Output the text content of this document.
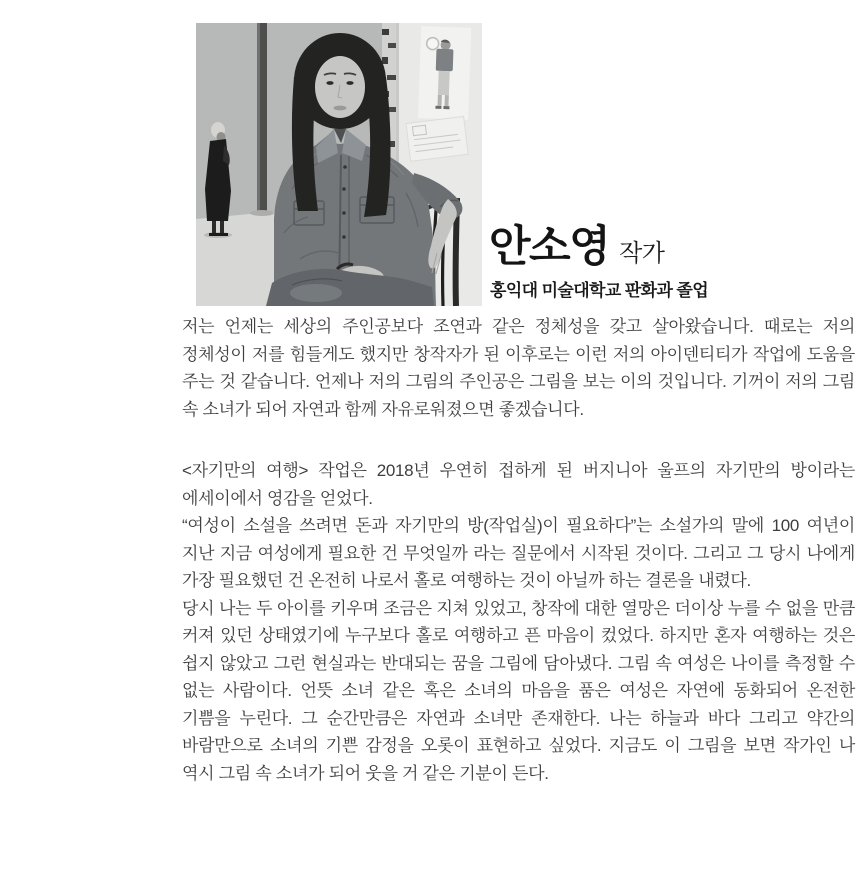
안소영 작가

홍익대 미술대학교 판화과 졸업

저는 언제는 세상의 주인공보다 조연과 같은 정체성을 갖고 살아왔습니다. 때로는 저의 정체성이 저를 힘들게도 했지만 창작자가 된 이후로는 이런 저의 아이덴티티가 작업에 도움을 주는 것 같습니다. 언제나 저의 그림의 주인공은 그림을 보는 이의 것입니다. 기꺼이 저의 그림 속 소녀가 되어 자연과 함께 자유로워졌으면 좋겠습니다.

<자기만의 여행> 작업은 2018년 우연히 접하게 된 버지니아 울프의 자기만의 방이라는 에세이에서 영감을 얻었다.

“여성이 소설을 쓰려면 돈과 자기만의 방(작업실)이 필요하다”는 소설가의 말에 100 여년이 지난 지금 여성에게 필요한 건 무엇일까 라는 질문에서 시작된 것이다. 그리고 그 당시 나에게 가장 필요했던 건 온전히 나로서 홀로 여행하는 것이 아닐까 하는 결론을 내렸다.

당시 나는 두 아이를 키우며 조금은 지쳐 있었고, 창작에 대한 열망은 더이상 누를 수 없을 만큼 커져 있던 상태였기에 누구보다 홀로 여행하고 픈 마음이 컸었다. 하지만 혼자 여행하는 것은 쉽지 않았고 그런 현실과는 반대되는 꿈을 그림에 담아냈다. 그림 속 여성은 나이를 측정할 수 없는 사람이다. 언뜻 소녀 같은 혹은 소녀의 마음을 품은 여성은 자연에 동화되어 온전한 기쁨을 누린다. 그 순간만큼은 자연과 소녀만 존재한다. 나는 하늘과 바다 그리고 약간의 바람만으로 소녀의 기쁜 감정을 오롯이 표현하고 싶었다. 지금도 이 그림을 보면 작가인 나 역시 그림 속 소녀가 되어 웃을 거 같은 기분이 든다.
